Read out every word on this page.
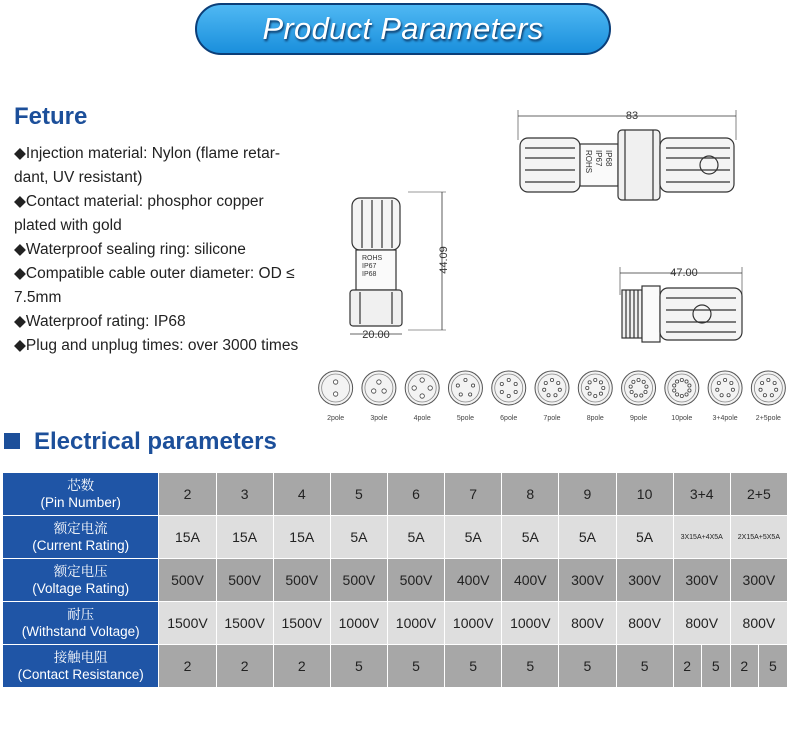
Product Parameters
Feture
◆Injection material: Nylon (flame retar-
dant, UV resistant)
◆Contact material: phosphor copper
plated with gold
◆Waterproof sealing ring: silicone
◆Compatible cable outer diameter: OD ≤
7.5mm
◆Waterproof rating: IP68
◆Plug and unplug times: over 3000 times
83
ROHS IP67 IP68
ROHS
IP67
IP68
44.09
20.00
47.00
2pole	3pole	4pole	5pole	6pole	7pole	8pole	9pole	10pole	3+4pole	2+5pole
Electrical parameters
芯数
(Pin Number)	2	3	4	5	6	7	8	9	10	3+4		2+5	
额定电流
(Current Rating)	15A	15A	15A	5A	5A	5A	5A	5A	5A	3X15A+4X5A		2X15A+5X5A	
额定电压
(Voltage Rating)	500V	500V	500V	500V	500V	400V	400V	300V	300V	300V		300V	
耐压
(Withstand Voltage)	1500V	1500V	1500V	1000V	1000V	1000V	1000V	800V	800V	800V		800V	
接触电阻
(Contact Resistance)	2	2	2	5	5	5	5	5	5	2	5	2	5
